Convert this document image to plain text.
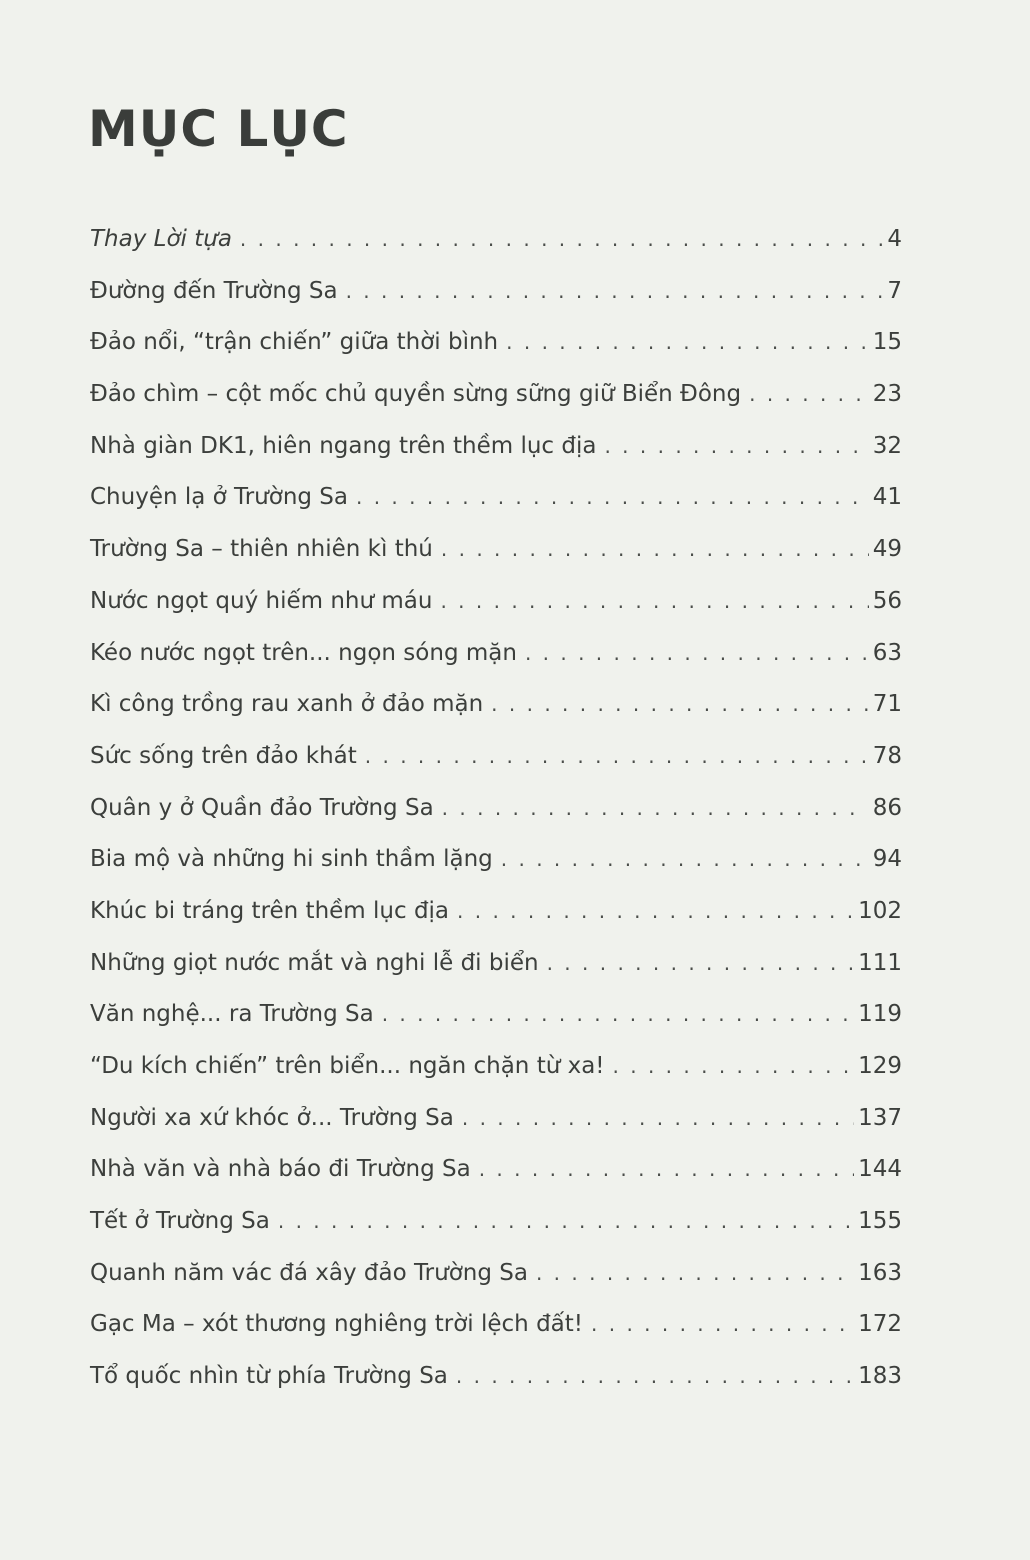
MỤC LỤC
Thay Lời tựa . . .	4
Đường đến Trường Sa . . .	7
Đảo nổi, “trận chiến” giữa thời bình . . .	15
Đảo chìm – cột mốc chủ quyền sừng sững giữ Biển Đông . . .	23
Nhà giàn DK1, hiên ngang trên thềm lục địa . . .	32
Chuyện lạ ở Trường Sa . . .	41
Trường Sa – thiên nhiên kì thú . . .	49
Nước ngọt quý hiếm như máu . . .	56
Kéo nước ngọt trên... ngọn sóng mặn . . .	63
Kì công trồng rau xanh ở đảo mặn . . .	71
Sức sống trên đảo khát . . .	78
Quân y ở Quần đảo Trường Sa . . .	86
Bia mộ và những hi sinh thầm lặng . . .	94
Khúc bi tráng trên thềm lục địa . . .	102
Những giọt nước mắt và nghi lễ đi biển . . .	111
Văn nghệ... ra Trường Sa . . .	119
“Du kích chiến” trên biển... ngăn chặn từ xa! . . .	129
Người xa xứ khóc ở... Trường Sa . . .	137
Nhà văn và nhà báo đi Trường Sa . . .	144
Tết ở Trường Sa . . .	155
Quanh năm vác đá xây đảo Trường Sa . . .	163
Gạc Ma – xót thương nghiêng trời lệch đất! . . .	172
Tổ quốc nhìn từ phía Trường Sa . . .	183
